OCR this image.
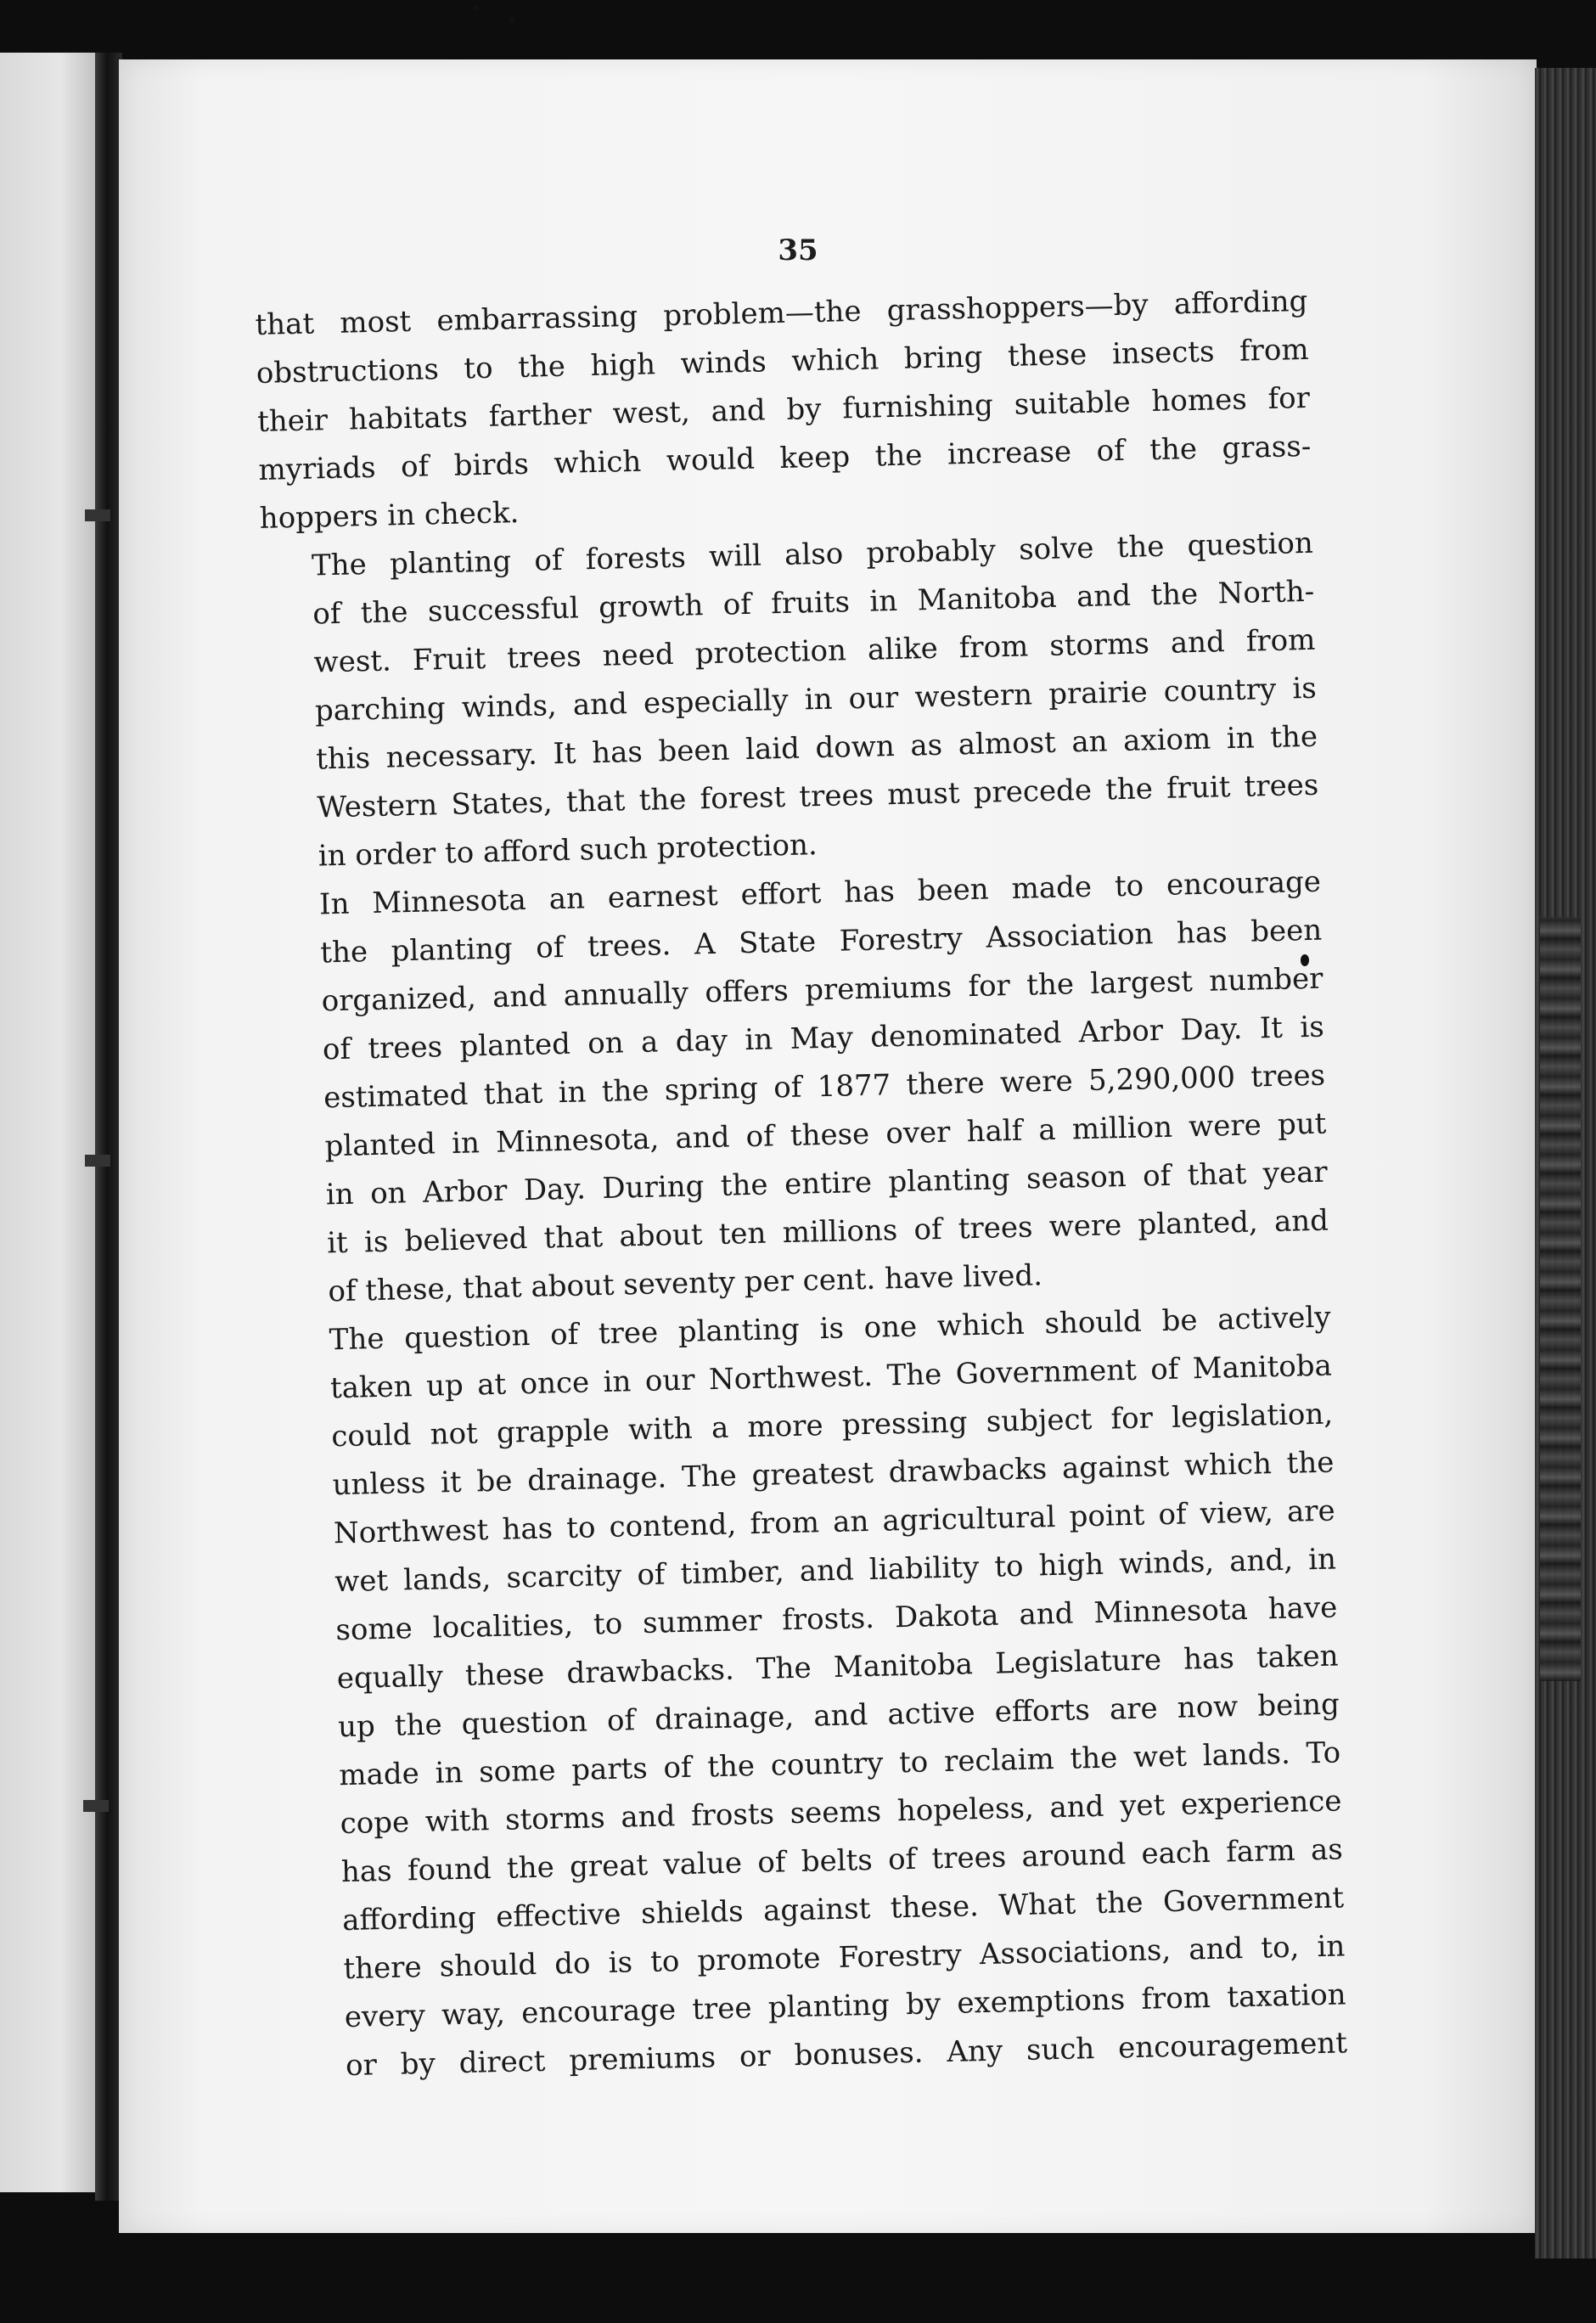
35
that most embarrassing problem—the grasshoppers—by affording
obstructions to the high winds which bring these insects from
their habitats farther west, and by furnishing suitable homes for
myriads of birds which would keep the increase of the grass-
hoppers in check.
The planting of forests will also probably solve the question
of the successful growth of fruits in Manitoba and the North-
west. Fruit trees need protection alike from storms and from
parching winds, and especially in our western prairie country is
this necessary. It has been laid down as almost an axiom in the
Western States, that the forest trees must precede the fruit trees
in order to afford such protection.
In Minnesota an earnest effort has been made to encourage
the planting of trees. A State Forestry Association has been
organized, and annually offers premiums for the largest number
of trees planted on a day in May denominated Arbor Day. It is
estimated that in the spring of 1877 there were 5,290,000 trees
planted in Minnesota, and of these over half a million were put
in on Arbor Day. During the entire planting season of that year
it is believed that about ten millions of trees were planted, and
of these, that about seventy per cent. have lived.
The question of tree planting is one which should be actively
taken up at once in our Northwest. The Government of Manitoba
could not grapple with a more pressing subject for legislation,
unless it be drainage. The greatest drawbacks against which the
Northwest has to contend, from an agricultural point of view, are
wet lands, scarcity of timber, and liability to high winds, and, in
some localities, to summer frosts. Dakota and Minnesota have
equally these drawbacks. The Manitoba Legislature has taken
up the question of drainage, and active efforts are now being
made in some parts of the country to reclaim the wet lands. To
cope with storms and frosts seems hopeless, and yet experience
has found the great value of belts of trees around each farm as
affording effective shields against these. What the Government
there should do is to promote Forestry Associations, and to, in
every way, encourage tree planting by exemptions from taxation
or by direct premiums or bonuses. Any such encouragement
